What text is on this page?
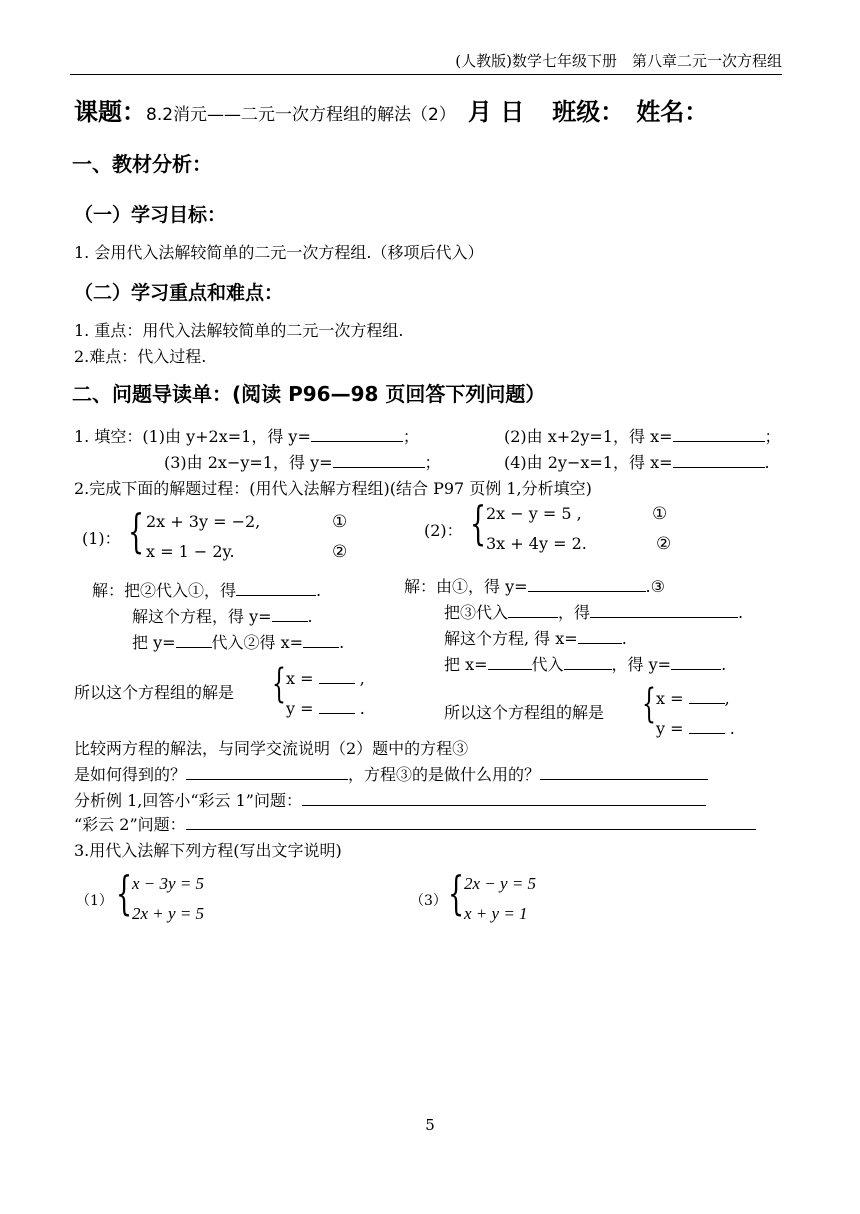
(人教版)数学七年级下册　第八章二元一次方程组
课题：8.2消元——二元一次方程组的解法（2） 月 日 班级： 姓名：
一、教材分析：
（一）学习目标：
1. 会用代入法解较简单的二元一次方程组.（移项后代入）
（二）学习重点和难点：
1. 重点：用代入法解较简单的二元一次方程组.
2.难点：代入过程.
二、问题导读单：(阅读 P96—98 页回答下列问题）
1. 填空：(1)由 y+2x=1，得 y=	；	(2)由 x+2y=1，得 x=	；
(3)由 2x−y=1，得 y=	；	(4)由 2y−x=1，得 x=	.
2.完成下面的解题过程：(用代入法解方程组)(结合 P97 页例 1,分析填空)
(1)： { 2x + 3y = −2,
x = 1 − 2y.
①
②
(2)： { 2x − y = 5 ,
3x + 4y = 2.
①
②
解：把②代入①，得	.
解这个方程，得 y= .
把 y= 代入②得 x= .
所以这个方程组的解是 { x =	,
y =	.
解：由①，得 y=	.③
把③代入	，得	.
解这个方程, 得 x=	.
把 x=	代入	，得 y=	.
所以这个方程组的解是 { x =	,
y =	.
比较两方程的解法，与同学交流说明（2）题中的方程③
是如何得到的？	，方程③的是做什么用的？
分析例 1,回答小“彩云 1”问题：
“彩云 2”问题：
3.用代入法解下列方程(写出文字说明)
（1） { x − 3y = 5
2x + y = 5
（3） { 2x − y = 5
x + y = 1
5
